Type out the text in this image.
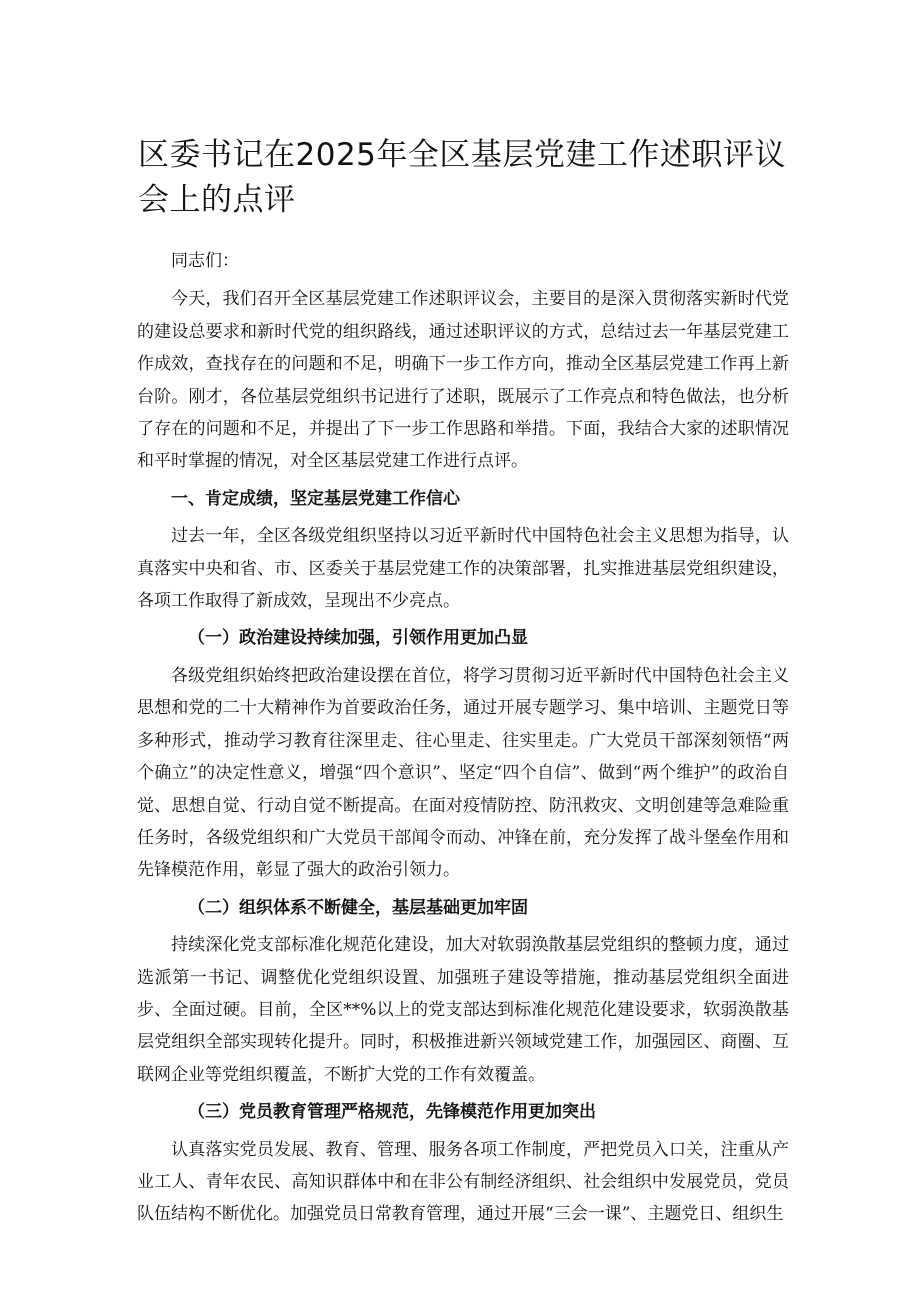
区委书记在2025年全区基层党建工作述职评议会上的点评

同志们：

今天，我们召开全区基层党建工作述职评议会，主要目的是深入贯彻落实新时代党的建设总要求和新时代党的组织路线，通过述职评议的方式，总结过去一年基层党建工作成效，查找存在的问题和不足，明确下一步工作方向，推动全区基层党建工作再上新台阶。刚才，各位基层党组织书记进行了述职，既展示了工作亮点和特色做法，也分析了存在的问题和不足，并提出了下一步工作思路和举措。下面，我结合大家的述职情况和平时掌握的情况，对全区基层党建工作进行点评。

一、肯定成绩，坚定基层党建工作信心

过去一年，全区各级党组织坚持以习近平新时代中国特色社会主义思想为指导，认真落实中央和省、市、区委关于基层党建工作的决策部署，扎实推进基层党组织建设，各项工作取得了新成效，呈现出不少亮点。

（一）政治建设持续加强，引领作用更加凸显

各级党组织始终把政治建设摆在首位，将学习贯彻习近平新时代中国特色社会主义思想和党的二十大精神作为首要政治任务，通过开展专题学习、集中培训、主题党日等多种形式，推动学习教育往深里走、往心里走、往实里走。广大党员干部深刻领悟“两个确立”的决定性意义，增强“四个意识”、坚定“四个自信”、做到“两个维护”的政治自觉、思想自觉、行动自觉不断提高。在面对疫情防控、防汛救灾、文明创建等急难险重任务时，各级党组织和广大党员干部闻令而动、冲锋在前，充分发挥了战斗堡垒作用和先锋模范作用，彰显了强大的政治引领力。

（二）组织体系不断健全，基层基础更加牢固

持续深化党支部标准化规范化建设，加大对软弱涣散基层党组织的整顿力度，通过选派第一书记、调整优化党组织设置、加强班子建设等措施，推动基层党组织全面进步、全面过硬。目前，全区**%以上的党支部达到标准化规范化建设要求，软弱涣散基层党组织全部实现转化提升。同时，积极推进新兴领域党建工作，加强园区、商圈、互联网企业等党组织覆盖，不断扩大党的工作有效覆盖。

（三）党员教育管理严格规范，先锋模范作用更加突出

认真落实党员发展、教育、管理、服务各项工作制度，严把党员入口关，注重从产业工人、青年农民、高知识群体中和在非公有制经济组织、社会组织中发展党员，党员队伍结构不断优化。加强党员日常教育管理，通过开展“三会一课”、主题党日、组织生
